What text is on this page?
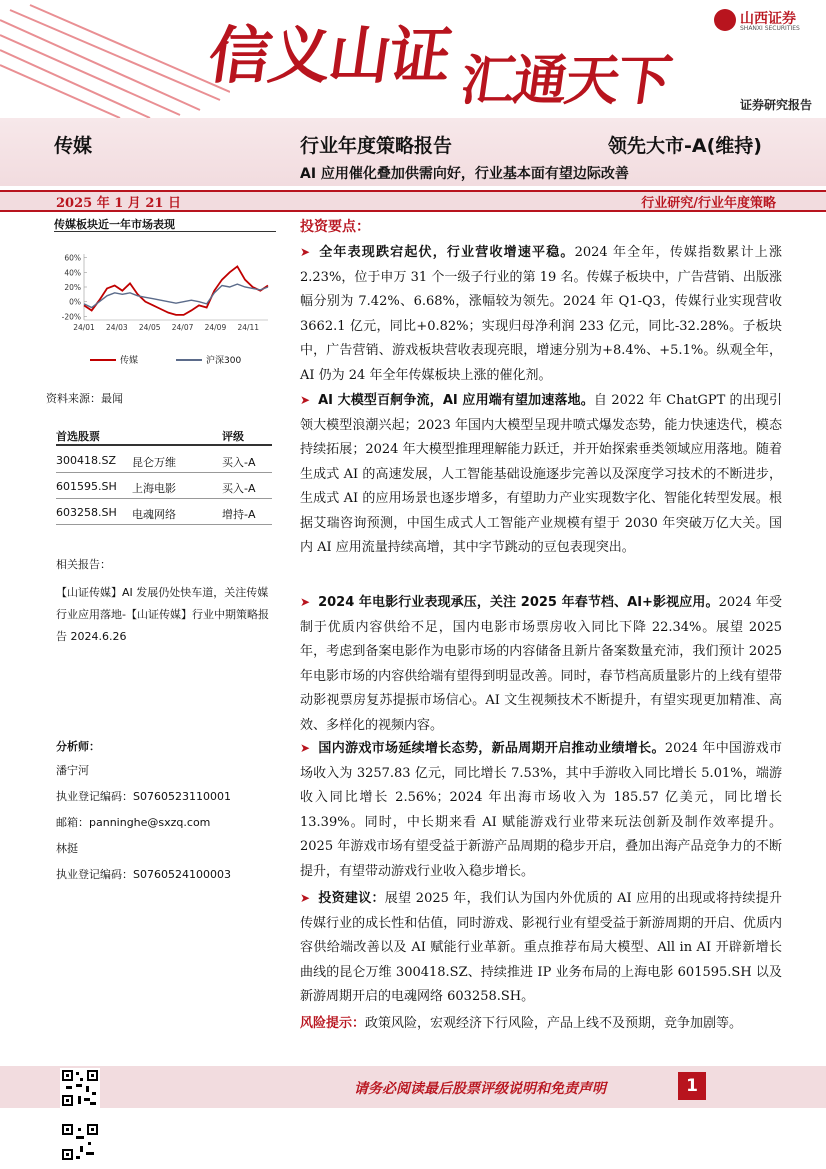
信义山证 汇通天下
山西证券
SHANXI SECURITIES
证券研究报告
传媒	行业年度策略报告	领先大市-A(维持)
AI 应用催化叠加供需向好，行业基本面有望边际改善
2025 年 1 月 21 日	行业研究/行业年度策略
传媒板块近一年市场表现
60%
40%
20%
0%
-20%
24/01 24/03 24/05 24/07 24/09 24/11
传媒	沪深300
资料来源：最闻
首选股票	评级
300418.SZ 昆仑万维	买入-A
601595.SH 上海电影	买入-A
603258.SH 电魂网络	增持-A
相关报告：
【山证传媒】AI 发展仍处快车道，关注传媒行业应用落地-【山证传媒】行业中期策略报告 2024.6.26
分析师：
潘宁河
执业登记编码：S0760523110001
邮箱：panninghe@sxzq.com
林挺
执业登记编码：S0760524100003
投资要点：
➤ 全年表现跌宕起伏，行业营收增速平稳。2024 年全年，传媒指数累计上涨 2.23%，位于申万 31 个一级子行业的第 19 名。传媒子板块中，广告营销、出版涨幅分别为 7.42%、6.68%，涨幅较为领先。2024 年 Q1-Q3，传媒行业实现营收 3662.1 亿元，同比+0.82%；实现归母净利润 233 亿元，同比-32.28%。子板块中，广告营销、游戏板块营收表现亮眼，增速分别为+8.4%、+5.1%。纵观全年，AI 仍为 24 年全年传媒板块上涨的催化剂。
➤ AI 大模型百舸争流，AI 应用端有望加速落地。自 2022 年 ChatGPT 的出现引领大模型浪潮兴起；2023 年国内大模型呈现井喷式爆发态势，能力快速迭代，模态持续拓展；2024 年大模型推理理解能力跃迁，并开始探索垂类领域应用落地。随着生成式 AI 的高速发展，人工智能基础设施逐步完善以及深度学习技术的不断进步，生成式 AI 的应用场景也逐步增多，有望助力产业实现数字化、智能化转型发展。根据艾瑞咨询预测，中国生成式人工智能产业规模有望于 2030 年突破万亿大关。国内 AI 应用流量持续高增，其中字节跳动的豆包表现突出。
➤ 2024 年电影行业表现承压，关注 2025 年春节档、AI+影视应用。2024 年受制于优质内容供给不足，国内电影市场票房收入同比下降 22.34%。展望 2025 年，考虑到备案电影作为电影市场的内容储备且新片备案数量充沛，我们预计 2025 年电影市场的内容供给端有望得到明显改善。同时，春节档高质量影片的上线有望带动影视票房复苏提振市场信心。AI 文生视频技术不断提升，有望实现更加精准、高效、多样化的视频内容。
➤ 国内游戏市场延续增长态势，新品周期开启推动业绩增长。2024 年中国游戏市场收入为 3257.83 亿元，同比增长 7.53%，其中手游收入同比增长 5.01%，端游收入同比增长 2.56%；2024 年出海市场收入为 185.57 亿美元，同比增长 13.39%。同时，中长期来看 AI 赋能游戏行业带来玩法创新及制作效率提升。2025 年游戏市场有望受益于新游产品周期的稳步开启，叠加出海产品竞争力的不断提升，有望带动游戏行业收入稳步增长。
➤ 投资建议：展望 2025 年，我们认为国内外优质的 AI 应用的出现或将持续提升传媒行业的成长性和估值，同时游戏、影视行业有望受益于新游周期的开启、优质内容供给端改善以及 AI 赋能行业革新。重点推荐布局大模型、All in AI 开辟新增长曲线的昆仑万维 300418.SZ、持续推进 IP 业务布局的上海电影 601595.SH 以及新游周期开启的电魂网络 603258.SH。
风险提示：政策风险，宏观经济下行风险，产品上线不及预期，竞争加剧等。
请务必阅读最后股票评级说明和免责声明	1
